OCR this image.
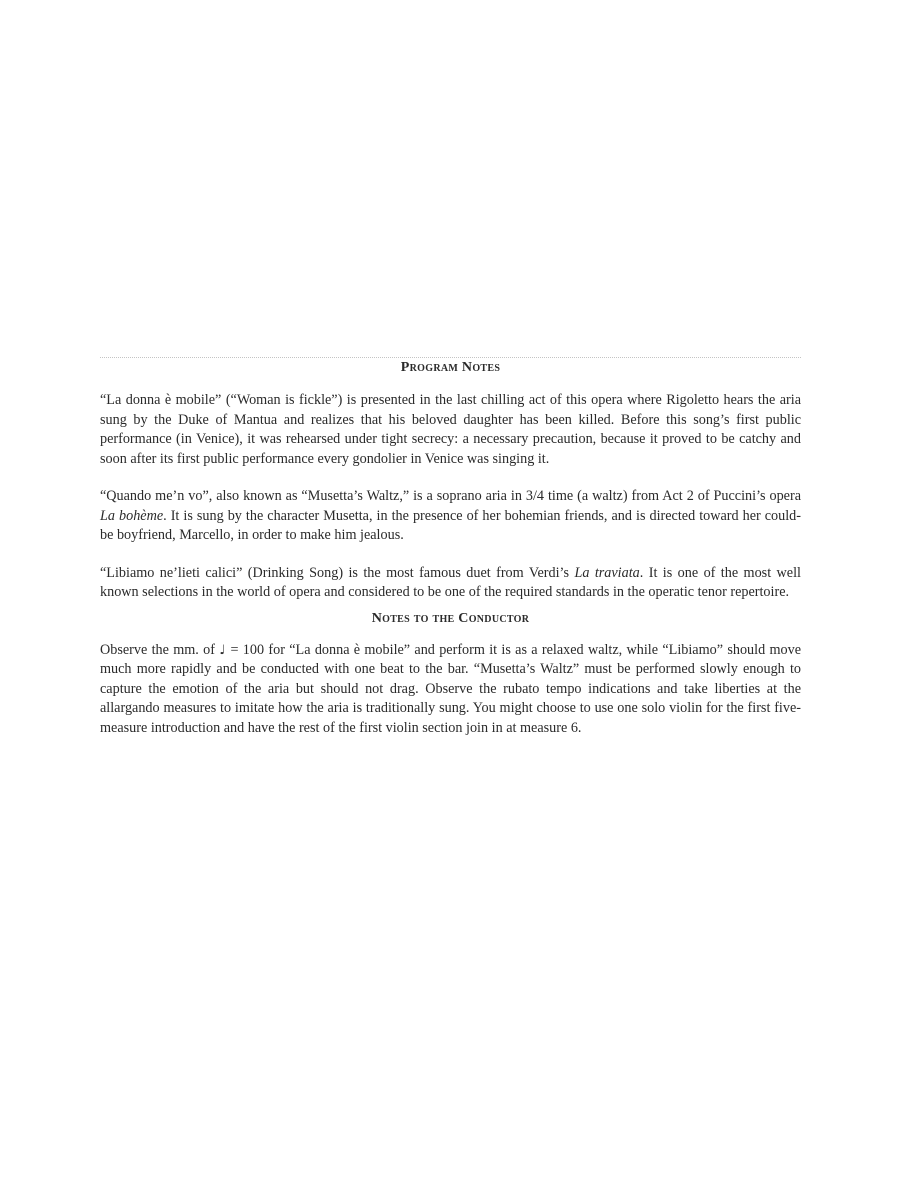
Program Notes

“La donna è mobile” (“Woman is fickle”) is presented in the last chilling act of this opera where Rigoletto hears the aria sung by the Duke of Mantua and realizes that his beloved daughter has been killed. Before this song’s first public performance (in Venice), it was rehearsed under tight secrecy: a necessary precaution, because it proved to be catchy and soon after its first public performance every gondolier in Venice was singing it.

“Quando me’n vo”, also known as “Musetta’s Waltz,” is a soprano aria in 3/4 time (a waltz) from Act 2 of Puccini’s opera La bohème. It is sung by the character Musetta, in the presence of her bohemian friends, and is directed toward her could-be boyfriend, Marcello, in order to make him jealous.

“Libiamo ne’lieti calici” (Drinking Song) is the most famous duet from Verdi’s La traviata. It is one of the most well known selections in the world of opera and considered to be one of the required standards in the operatic tenor repertoire.

Notes to the Conductor

Observe the mm. of ♩ = 100 for “La donna è mobile” and perform it is as a relaxed waltz, while “Libiamo” should move much more rapidly and be conducted with one beat to the bar. “Musetta’s Waltz” must be performed slowly enough to capture the emotion of the aria but should not drag. Observe the rubato tempo indications and take liberties at the allargando measures to imitate how the aria is traditionally sung. You might choose to use one solo violin for the first five-measure introduction and have the rest of the first violin section join in at measure 6.
